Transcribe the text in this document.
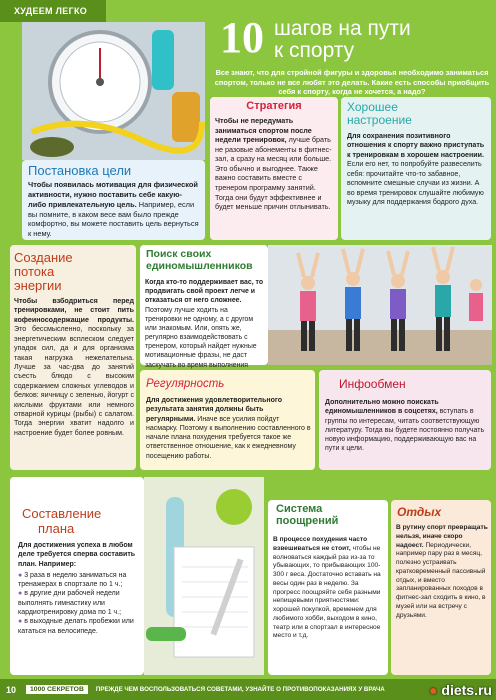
ХУДЕЕМ ЛЕГКО
Постановка цели
Чтобы появилась мотивация для физической активности, нужно поставить себе какую-либо привлекательную цель. Например, если вы помните, в каком весе вам было прежде комфортно, вы можете поставить цель вернуться к нему.
10 шагов на пути
к спорту
Все знают, что для стройной фигуры и здоровья необходимо заниматься спортом, только не все любят это делать. Какие есть способы приобщить себя к спорту, когда не хочется, а надо?
Стратегия
Чтобы не передумать заниматься спортом после недели тренировок, лучше брать не разовые абонементы в фитнес-зал, а сразу на месяц или больше. Это обычно и выгоднее. Также важно составить вместе с тренером программу занятий. Тогда они будут эффективнее и будет меньше причин отлынивать.
Хорошее
настроение
Для сохранения позитивного отношения к спорту важно приступать к тренировкам в хорошем настроении. Если его нет, то попробуйте развеселить себя: прочитайте что-то забавное, вспомните смешные случаи из жизни. А во время тренировок слушайте любимую музыку для поддержания бодрого духа.
Создание
потока
энергии
Чтобы взбодриться перед тренировками, не стоит пить кофеиносодержащие продукты. Это бессмысленно, поскольку за энергетическим всплеском следует упадок сил, да и для организма такая нагрузка нежелательна. Лучше за час-два до занятий съесть блюдо с высоким содержанием сложных углеводов и белков: яичницу с зеленью, йогурт с кислыми фруктами или немного отварной курицы (рыбы) с салатом. Тогда энергии хватит надолго и настроение будет более ровным.
Поиск своих
единомышленников
Когда кто-то поддерживает вас, то продвигать свой проект легче и отказаться от него сложнее. Поэтому лучше ходить на тренировки не одному, а с другом или знакомым. Или, опять же, регулярно взаимодействовать с тренером, который найдет нужные мотивационные фразы, не даст заскучать во время выполнения
Регулярность
Для достижения удовлетворительного результата занятия должны быть регулярными. Иначе все усилия пойдут насмарку. Поэтому к выполнению составленного в начале плана похудения требуется такое же ответственное отношение, как к ежедневному посещению работы.
Инфообмен
Дополнительно можно поискать единомышленников в соцсетях, вступать в группы по интересам, читать соответствующую литературу. Тогда вы будете постоянно получать новую информацию, поддерживающую вас на пути к цели.
Составление
плана
Для достижения успеха в любом деле требуется сперва составить план. Например:
● 3 раза в неделю заниматься на тренажерах в спортзале по 1 ч.;
● в другие дни рабочей недели выполнять гимнастику или кардиотренировку дома по 1 ч.;
● в выходные делать пробежки или кататься на велосипеде.
Система
поощрений
В процессе похудения часто взвешиваться не стоит, чтобы не волноваться каждый раз из-за то убывающих, то прибывающих 100-300 г веса. Достаточно вставать на весы один раз в неделю. За прогресс поощряйте себя разными непищевыми приятностями: хорошей покупкой, временем для любимого хобби, выходом в кино, театр или в спортзал в интересное место и т.д.
Отдых
В рутину спорт превращать нельзя, иначе скоро надоест. Периодически, например пару раз в месяц, полезно устраивать кратковременный пассивный отдых, и вместо запланированных походов в фитнес-зал сходить в кино, в музей или на встречу с друзьями.
10	1000 СЕКРЕТОВ	ПРЕЖДЕ ЧЕМ ВОСПОЛЬЗОВАТЬСЯ СОВЕТАМИ, УЗНАЙТЕ О ПРОТИВОПОКАЗАНИЯХ У ВРАЧА	● diets.ru
